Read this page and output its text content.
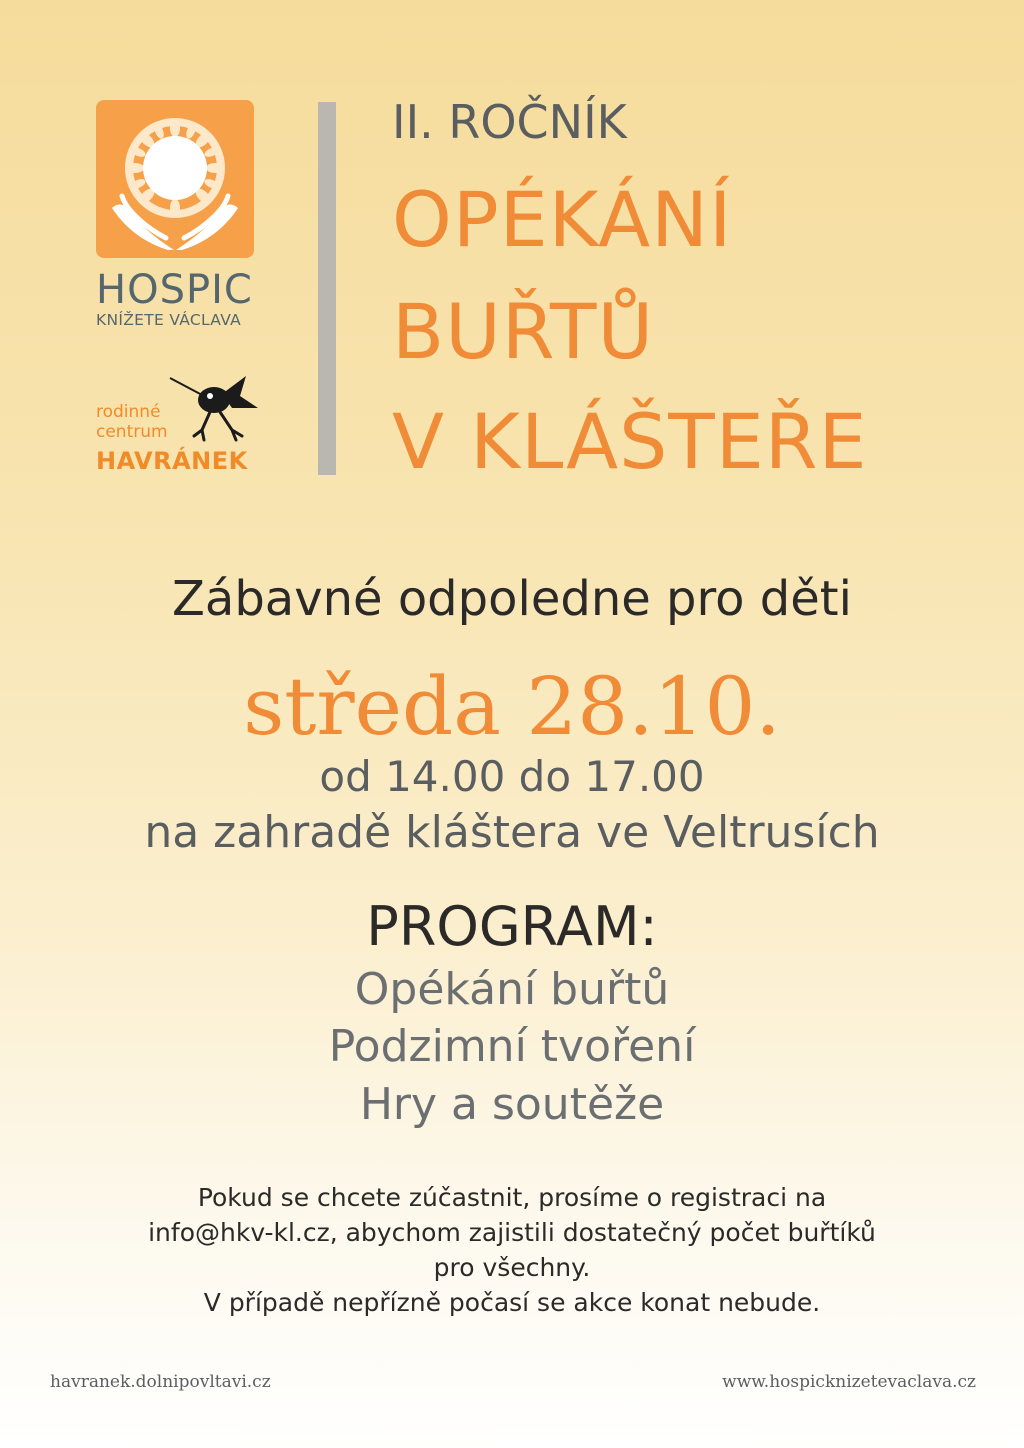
HOSPIC
KNÍŽETE VÁCLAVA
rodinné
centrum
HAVRÁNEK
II. ROČNÍK
OPÉKÁNÍ
BUŘTŮ
V KLÁŠTEŘE
Zábavné odpoledne pro děti
středa 28.10.
od 14.00 do 17.00
na zahradě kláštera ve Veltrusích
PROGRAM:
Opékání buřtů
Podzimní tvoření
Hry a soutěže
Pokud se chcete zúčastnit, prosíme o registraci na
info@hkv-kl.cz, abychom zajistili dostatečný počet buřtíků
pro všechny.
V případě nepřízně počasí se akce konat nebude.
havranek.dolnipovltavi.cz	www.hospicknizetevaclava.cz
